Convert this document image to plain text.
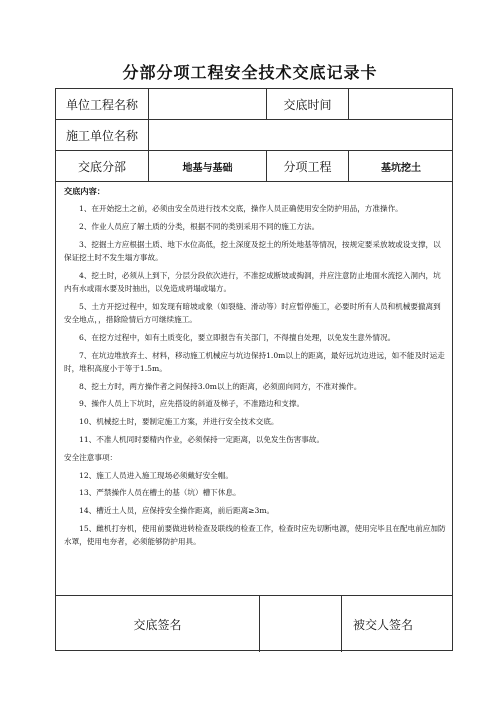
分部分项工程安全技术交底记录卡
单位工程名称	交底时间
施工单位名称
交底分部	地基与基础	分项工程	基坑挖土
交底内容：

1、在开始挖土之前，必须由安全员进行技术交底，操作人员正确使用安全防护用品，方准操作。

2、作业人员应了解土质的分类，根据不同的类别采用不同的施工方法。

3、挖掘土方应根据土质、地下水位高低，挖土深度及挖土的所处地基等情况，按规定要采放坡或设支撑，以保证挖土时不发生塌方事故。

4、挖土时，必须从上到下，分层分段依次进行，不准挖成断坡或掏洞，并应注意防止地面水流挖入洞内，坑内有水或雨水要及时抽出，以免造成坍塌或塌方。

5、土方开挖过程中，如发现有暗坡或象（如裂缝、滑动等）时应暂停施工，必要时所有人员和机械要撤离到安全地点，，措除险情后方可继续施工。

6、在挖方过程中，如有土质变化，要立即报告有关部门，不得擅自处理，以免发生意外情况。

7、在坑边堆放弃土、材料，移动施工机械应与坑边保持1.0m以上的距离，最好远坑边进远，如不能及时运走时，堆积高度小于等于1.5m。

8、挖土方时，两方操作者之间保持3.0m以上的距离，必须面向同方，不准对操作。

9、操作人员上下坑时，应先搭设的斜道及梯子，不准踏边和支撑。

10、机械挖土时，要制定施工方案，并进行安全技术交底。

11、不准人机同时要精内作业，必须保持一定距离，以免发生伤害事故。

安全注意事项：

12、施工人员进入施工现场必须戴好安全帽。

13、严禁操作人员在槽土的基（坑）槽下休息。

14、槽近土人员，应保持安全操作距离，前后距离≥3m。

15、雌机打夯机，使用前要做进转检查及联线的检查工作，检查时应先切断电源，使用完毕且在配电前应加防水罩，使用电夯者，必须能够防护用具。

交底签名	被交人签名
